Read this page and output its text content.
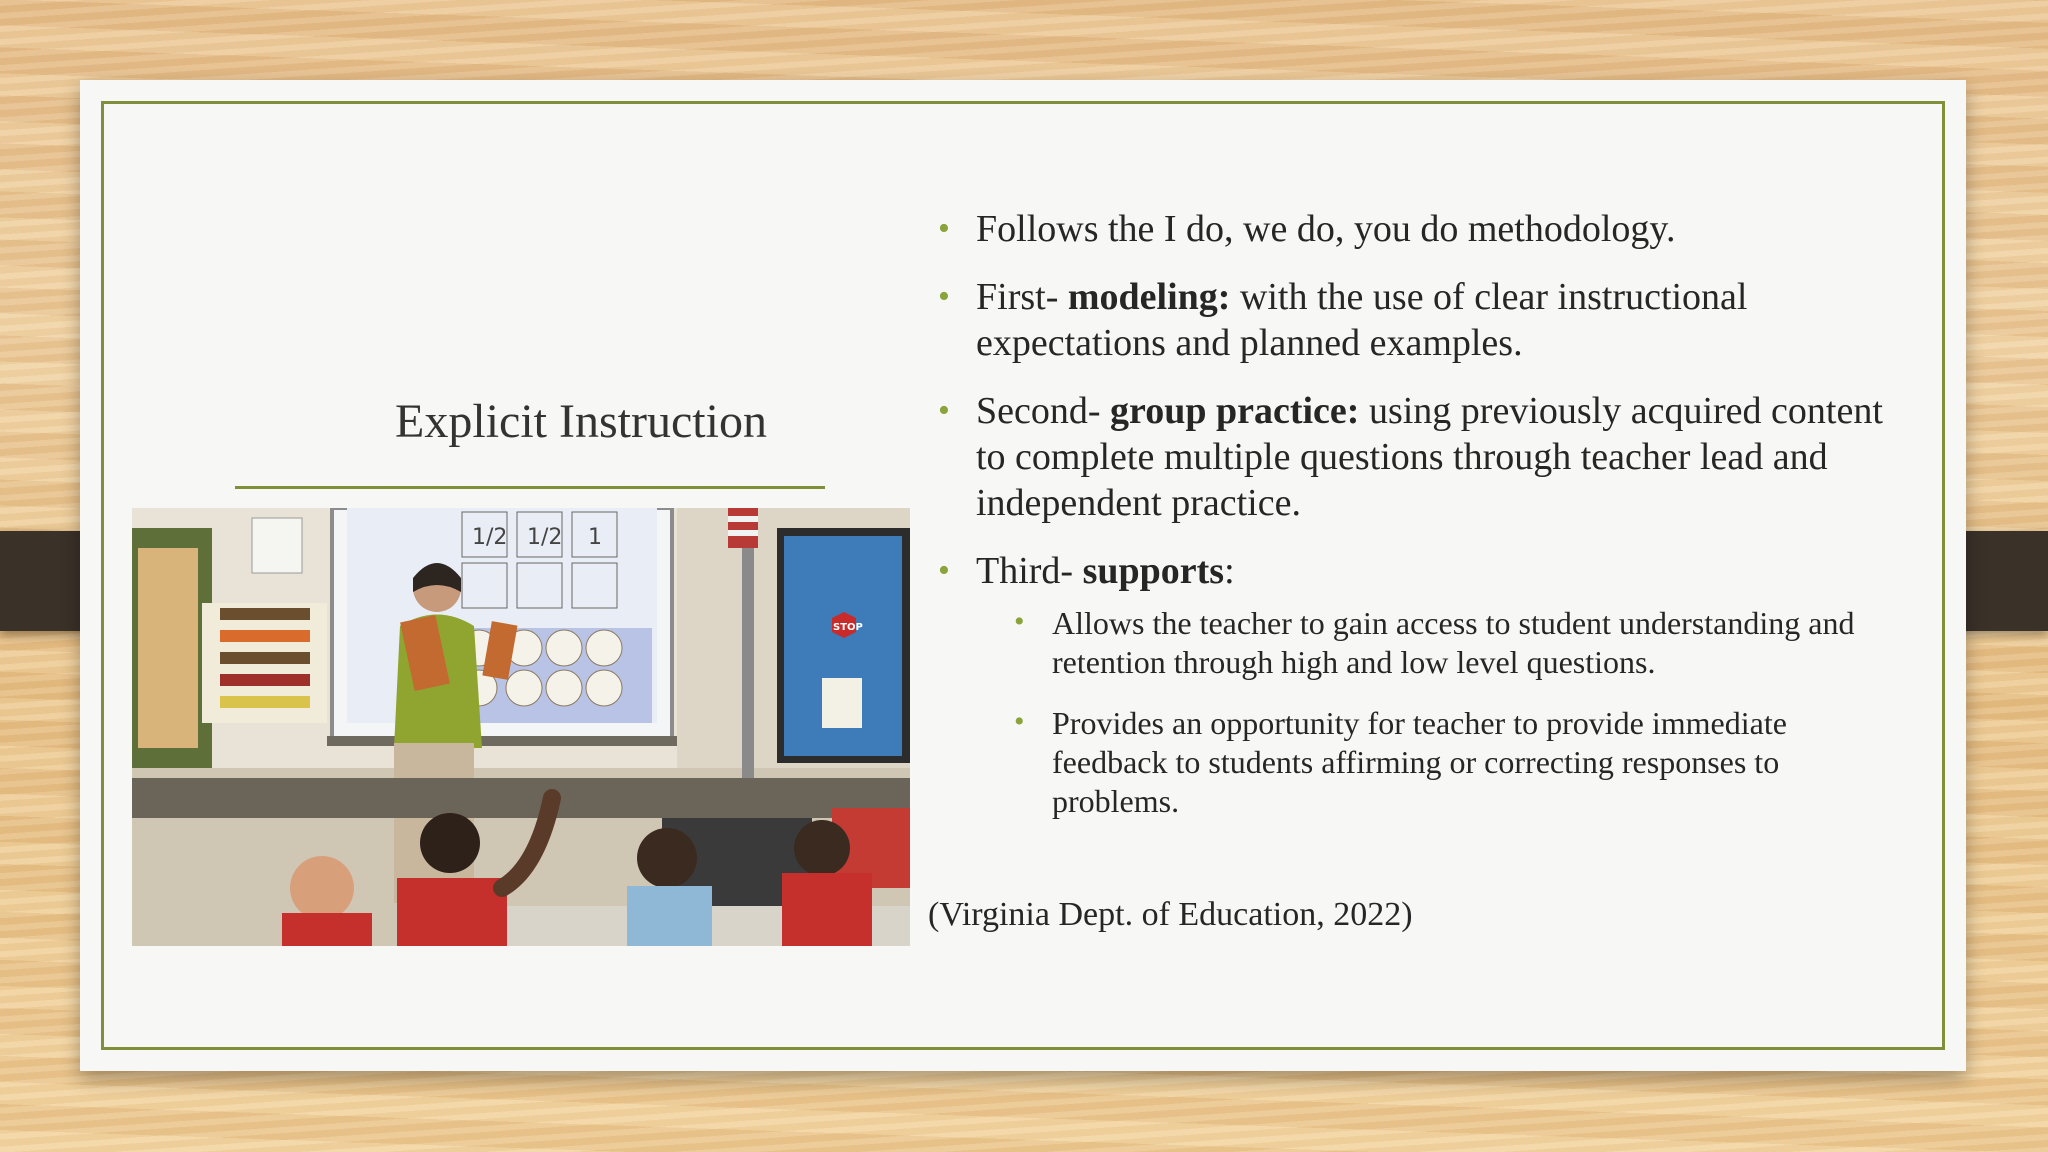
Explicit Instruction
1/2 1/2 1
STOP
• Follows the I do, we do, you do methodology.
• First- modeling: with the use of clear instructional expectations and planned examples.
• Second- group practice: using previously acquired content to complete multiple questions through teacher lead and independent practice.
• Third- supports:
• Allows the teacher to gain access to student understanding and retention through high and low level questions.
• Provides an opportunity for teacher to provide immediate feedback to students affirming or correcting responses to problems.
(Virginia Dept. of Education, 2022)
